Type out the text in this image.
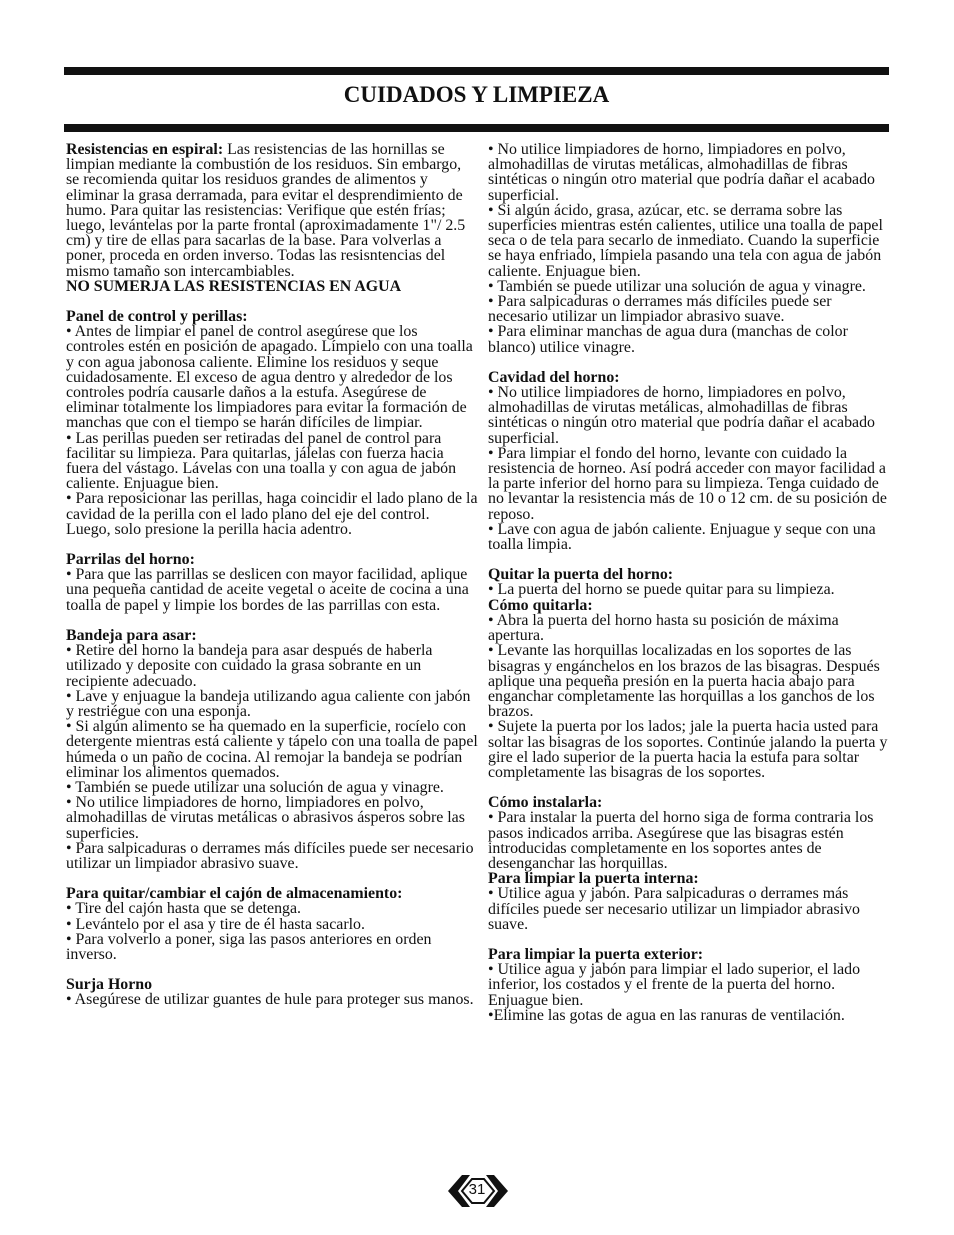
CUIDADOS Y LIMPIEZA

Resistencias en espiral: Las resistencias de las hornillas se limpian mediante la combustión de los residuos. Sin embargo, se recomienda quitar los residuos grandes de alimentos y eliminar la grasa derramada, para evitar el desprendimiento de humo. Para quitar las resistencias: Verifique que estén frías; luego, levántelas por la parte frontal (aproximadamente 1"/ 2.5 cm) y tire de ellas para sacarlas de la base. Para volverlas a poner, proceda en orden inverso. Todas las resisntencias del mismo tamaño son intercambiables.

NO SUMERJA LAS RESISTENCIAS EN AGUA

Panel de control y perillas:

• Antes de limpiar el panel de control asegúrese que los controles estén en posición de apagado. Límpielo con una toalla y con agua jabonosa caliente. Elimine los residuos y seque cuidadosamente. El exceso de agua dentro y alrededor de los controles podría causarle daños a la estufa. Asegúrese de eliminar totalmente los limpiadores para evitar la formación de manchas que con el tiempo se harán difíciles de limpiar.

• Las perillas pueden ser retiradas del panel de control para facilitar su limpieza. Para quitarlas, jálelas con fuerza hacia fuera del vástago. Lávelas con una toalla y con agua de jabón caliente. Enjuague bien.

• Para reposicionar las perillas, haga coincidir el lado plano de la cavidad de la perilla con el lado plano del eje del control. Luego, solo presione la perilla hacia adentro.

Parrilas del horno:

• Para que las parrillas se deslicen con mayor facilidad, aplique una pequeña cantidad de aceite vegetal o aceite de cocina a una toalla de papel y limpie los bordes de las parrillas con esta.

Bandeja para asar:

• Retire del horno la bandeja para asar después de haberla utilizado y deposite con cuidado la grasa sobrante en un recipiente adecuado.

• Lave y enjuague la bandeja utilizando agua caliente con jabón y restriégue con una esponja.

• Si algún alimento se ha quemado en la superficie, rocíelo con detergente mientras está caliente y tápelo con una toalla de papel húmeda o un paño de cocina. Al remojar la bandeja se podrían eliminar los alimentos quemados.

• También se puede utilizar una solución de agua y vinagre.

• No utilice limpiadores de horno, limpiadores en polvo, almohadillas de virutas metálicas o abrasivos ásperos sobre las superficies.

• Para salpicaduras o derrames más difíciles puede ser necesario utilizar un limpiador abrasivo suave.

Para quitar/cambiar el cajón de almacenamiento:

• Tire del cajón hasta que se detenga.

• Levántelo por el asa y tire de él hasta sacarlo.

• Para volverlo a poner, siga las pasos anteriores en orden inverso.

Surja Horno

• Asegúrese de utilizar guantes de hule para proteger sus manos.

• No utilice limpiadores de horno, limpiadores en polvo, almohadillas de virutas metálicas, almohadillas de fibras sintéticas o ningún otro material que podría dañar el acabado superficial.

• Si algún ácido, grasa, azúcar, etc. se derrama sobre las superficies mientras estén calientes, utilice una toalla de papel seca o de tela para secarlo de inmediato. Cuando la superficie se haya enfriado, límpiela pasando una tela con agua de jabón caliente. Enjuague bien.

• También se puede utilizar una solución de agua y vinagre.

• Para salpicaduras o derrames más difíciles puede ser necesario utilizar un limpiador abrasivo suave.

• Para eliminar manchas de agua dura (manchas de color blanco) utilice vinagre.

Cavidad del horno:

• No utilice limpiadores de horno, limpiadores en polvo, almohadillas de virutas metálicas, almohadillas de fibras sintéticas o ningún otro material que podría dañar el acabado superficial.

• Para limpiar el fondo del horno, levante con cuidado la resistencia de horneo. Así podrá acceder con mayor facilidad a la parte inferior del horno para su limpieza. Tenga cuidado de no levantar la resistencia más de 10 o 12 cm. de su posición de reposo.

• Lave con agua de jabón caliente. Enjuague y seque con una toalla limpia.

Quitar la puerta del horno:

• La puerta del horno se puede quitar para su limpieza.

Cómo quitarla:

• Abra la puerta del horno hasta su posición de máxima apertura.

• Levante las horquillas localizadas en los soportes de las bisagras y engánchelos en los brazos de las bisagras. Después aplique una pequeña presión en la puerta hacia abajo para enganchar completamente las horquillas a los ganchos de los brazos.

• Sujete la puerta por los lados; jale la puerta hacia usted para soltar las bisagras de los soportes. Continúe jalando la puerta y gire el lado superior de la puerta hacia la estufa para soltar completamente las bisagras de los soportes.

Cómo instalarla:

• Para instalar la puerta del horno siga de forma contraria los pasos indicados arriba. Asegúrese que las bisagras estén introducidas completamente en los soportes antes de desenganchar las horquillas.

Para limpiar la puerta interna:

• Utilice agua y jabón. Para salpicaduras o derrames más difíciles puede ser necesario utilizar un limpiador abrasivo suave.

Para limpiar la puerta exterior:

• Utilice agua y jabón para limpiar el lado superior, el lado inferior, los costados y el frente de la puerta del horno. Enjuague bien.

•Elimine las gotas de agua en las ranuras de ventilación.

31
